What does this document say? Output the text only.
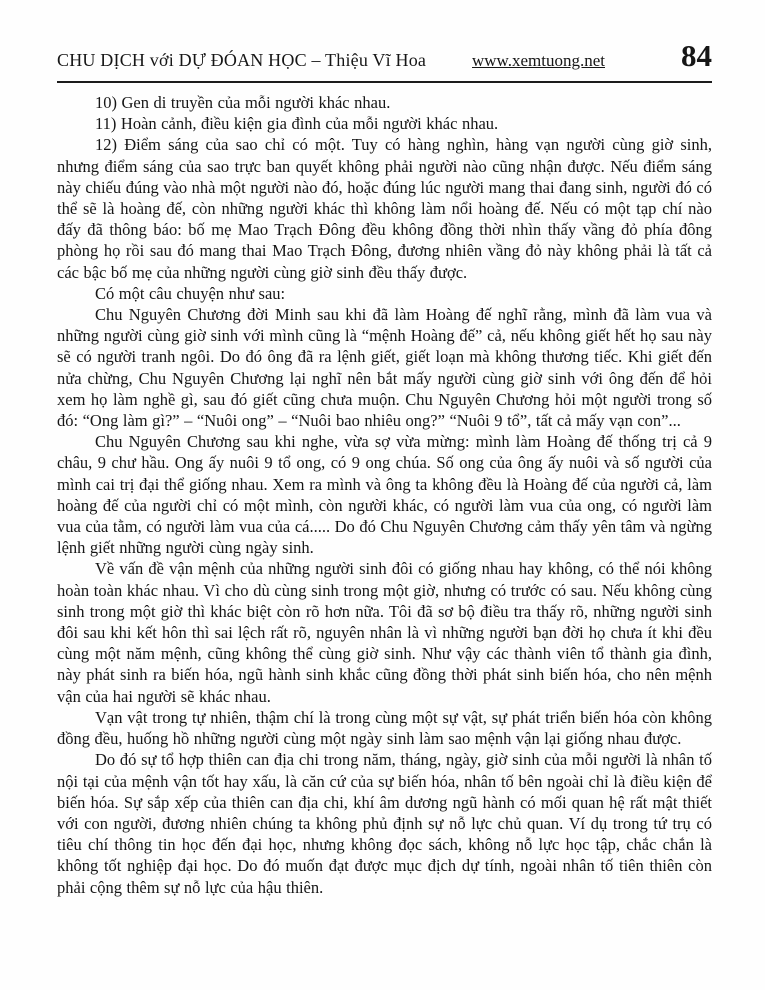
CHU DỊCH với DỰ ĐÓAN HỌC – Thiệu Vĩ Hoa	www.xemtuong.net 84

10) Gen di truyền của mỗi người khác nhau.

11) Hoàn cảnh, điều kiện gia đình của mỗi người khác nhau.

12) Điểm sáng của sao chỉ có một. Tuy có hàng nghìn, hàng vạn người cùng giờ sinh, nhưng điểm sáng của sao trực ban quyết không phải người nào cũng nhận được. Nếu điểm sáng này chiếu đúng vào nhà một người nào đó, hoặc đúng lúc người mang thai đang sinh, người đó có thể sẽ là hoàng đế, còn những người khác thì không làm nổi hoàng đế. Nếu có một tạp chí nào đấy đã thông báo: bố mẹ Mao Trạch Đông đều không đồng thời nhìn thấy vầng đỏ phía đông phòng họ rồi sau đó mang thai Mao Trạch Đông, đương nhiên vầng đỏ này không phải là tất cả các bậc bố mẹ của những người cùng giờ sinh đều thấy được.

Có một câu chuyện như sau:

Chu Nguyên Chương đời Minh sau khi đã làm Hoàng đế nghĩ rằng, mình đã làm vua và những người cùng giờ sinh với mình cũng là “mệnh Hoàng đế” cả, nếu không giết hết họ sau này sẽ có người tranh ngôi. Do đó ông đã ra lệnh giết, giết loạn mà không thương tiếc. Khi giết đến nửa chừng, Chu Nguyên Chương lại nghĩ nên bắt mấy người cùng giờ sinh với ông đến để hỏi xem họ làm nghề gì, sau đó giết cũng chưa muộn. Chu Nguyên Chương hỏi một người trong số đó: “Ong làm gì?” – “Nuôi ong” – “Nuôi bao nhiêu ong?” “Nuôi 9 tổ”, tất cả mấy vạn con”...

Chu Nguyên Chương sau khi nghe, vừa sợ vừa mừng: mình làm Hoàng đế thống trị cả 9 châu, 9 chư hầu. Ong ấy nuôi 9 tổ ong, có 9 ong chúa. Số ong của ông ấy nuôi và số người của mình cai trị đại thể giống nhau. Xem ra mình và ông ta không đều là Hoàng đế của người cả, làm hoàng đế của người chỉ có một mình, còn người khác, có người làm vua của ong, có người làm vua của tằm, có người làm vua của cá..... Do đó Chu Nguyên Chương cảm thấy yên tâm và ngừng lệnh giết những người cùng ngày sinh.

Về vấn đề vận mệnh của những người sinh đôi có giống nhau hay không, có thể nói không hoàn toàn khác nhau. Vì cho dù cùng sinh trong một giờ, nhưng có trước có sau. Nếu không cùng sinh trong một giờ thì khác biệt còn rõ hơn nữa. Tôi đã sơ bộ điều tra thấy rõ, những người sinh đôi sau khi kết hôn thì sai lệch rất rõ, nguyên nhân là vì những người bạn đời họ chưa ít khi đều cùng một năm mệnh, cũng không thể cùng giờ sinh. Như vậy các thành viên tổ thành gia đình, này phát sinh ra biến hóa, ngũ hành sinh khắc cũng đồng thời phát sinh biến hóa, cho nên mệnh vận của hai người sẽ khác nhau.

Vạn vật trong tự nhiên, thậm chí là trong cùng một sự vật, sự phát triển biến hóa còn không đồng đều, huống hồ những người cùng một ngày sinh làm sao mệnh vận lại giống nhau được.

Do đó sự tổ hợp thiên can địa chi trong năm, tháng, ngày, giờ sinh của mỗi người là nhân tố nội tại của mệnh vận tốt hay xấu, là căn cứ của sự biến hóa, nhân tố bên ngoài chỉ là điều kiện để biến hóa. Sự sắp xếp của thiên can địa chi, khí âm dương ngũ hành có mối quan hệ rất mật thiết với con người, đương nhiên chúng ta không phủ định sự nỗ lực chủ quan. Ví dụ trong tứ trụ có tiêu chí thông tin học đến đại học, nhưng không đọc sách, không nỗ lực học tập, chắc chắn là không tốt nghiệp đại học. Do đó muốn đạt được mục địch dự tính, ngoài nhân tố tiên thiên còn phải cộng thêm sự nỗ lực của hậu thiên.
